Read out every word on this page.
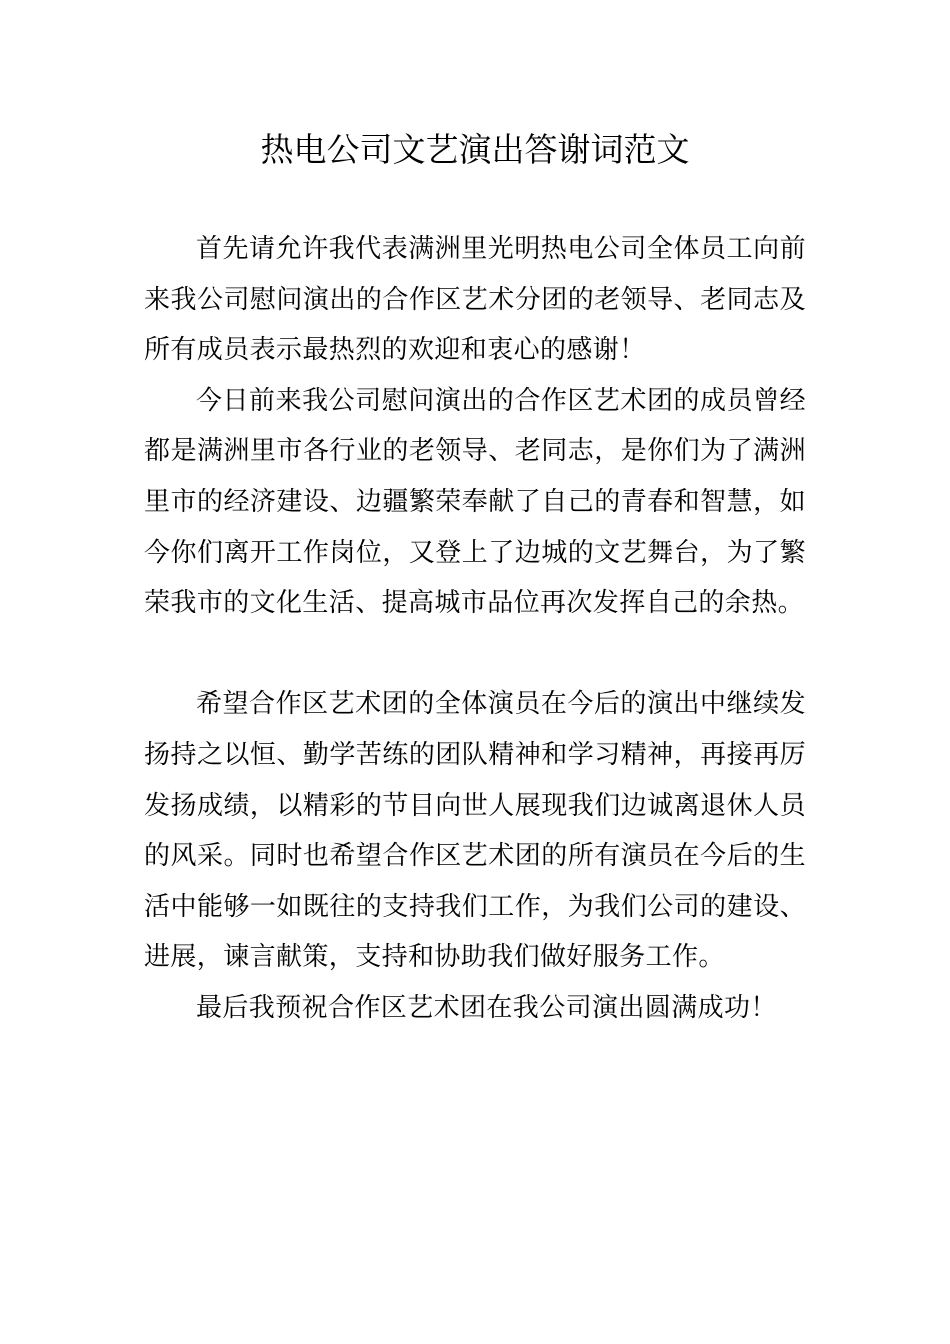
热电公司文艺演出答谢词范文

首先请允许我代表满洲里光明热电公司全体员工向前来我公司慰问演出的合作区艺术分团的老领导、老同志及所有成员表示最热烈的欢迎和衷心的感谢！

今日前来我公司慰问演出的合作区艺术团的成员曾经都是满洲里市各行业的老领导、老同志，是你们为了满洲里市的经济建设、边疆繁荣奉献了自己的青春和智慧，如今你们离开工作岗位，又登上了边城的文艺舞台，为了繁荣我市的文化生活、提高城市品位再次发挥自己的余热。

希望合作区艺术团的全体演员在今后的演出中继续发扬持之以恒、勤学苦练的团队精神和学习精神，再接再厉发扬成绩，以精彩的节目向世人展现我们边诚离退休人员的风采。同时也希望合作区艺术团的所有演员在今后的生活中能够一如既往的支持我们工作，为我们公司的建设、进展，谏言献策，支持和协助我们做好服务工作。

最后我预祝合作区艺术团在我公司演出圆满成功！
